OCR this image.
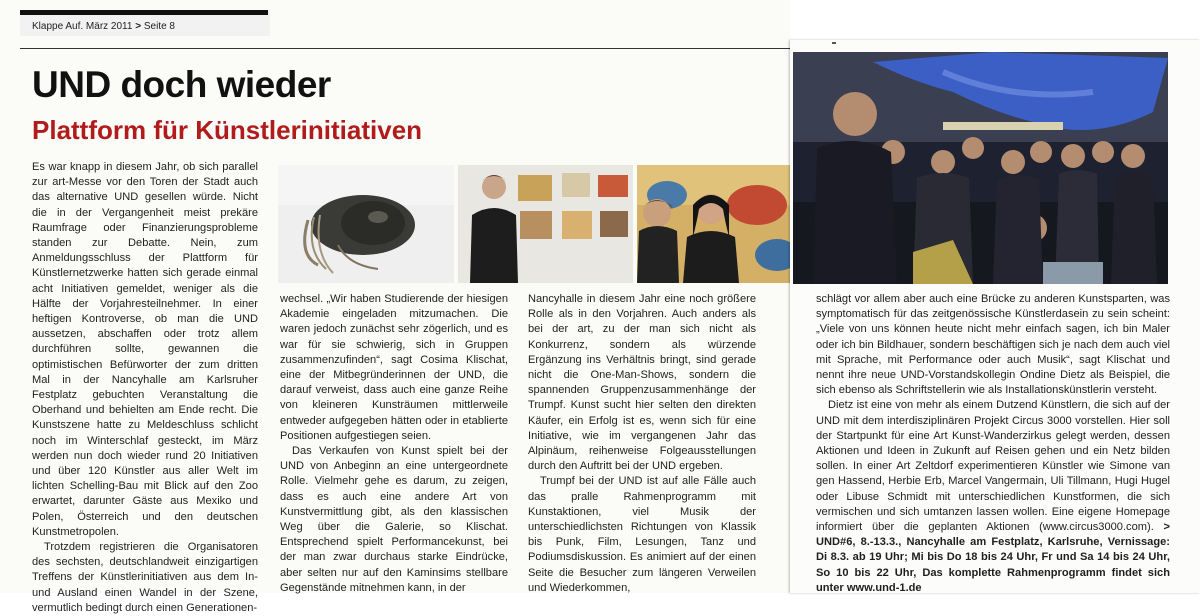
Klappe Auf. März 2011 > Seite 8
UND doch wieder
Plattform für Künstlerinitiativen

Es war knapp in diesem Jahr, ob sich parallel zur art-Messe vor den Toren der Stadt auch das alternative UND gesellen würde. Nicht die in der Vergangenheit meist prekäre Raumfrage oder Finanzierungsprobleme standen zur Debatte. Nein, zum Anmeldungsschluss der Plattform für Künstlernetzwerke hatten sich gerade einmal acht Initiativen gemeldet, weniger als die Hälfte der Vorjahresteilnehmer. In einer heftigen Kontroverse, ob man die UND aussetzen, abschaffen oder trotz allem durchführen sollte, gewannen die optimistischen Befürworter der zum dritten Mal in der Nancyhalle am Karlsruher Festplatz gebuchten Veranstaltung die Oberhand und behielten am Ende recht. Die Kunstszene hatte zu Meldeschluss schlicht noch im Winterschlaf gesteckt, im März werden nun doch wieder rund 20 Initiativen und über 120 Künstler aus aller Welt im lichten Schelling-Bau mit Blick auf den Zoo erwartet, darunter Gäste aus Mexiko und Polen, Österreich und den deutschen Kunstmetropolen.

Trotzdem registrieren die Organisatoren des sechsten, deutschlandweit einzigartigen Treffens der Künstlerinitiativen aus dem In- und Ausland einen Wandel in der Szene, vermutlich bedingt durch einen Generationen-

wechsel. „Wir haben Studierende der hiesigen Akademie eingeladen mitzumachen. Die waren jedoch zunächst sehr zögerlich, und es war für sie schwierig, sich in Gruppen zusammenzufinden“, sagt Cosima Klischat, eine der Mitbegründerinnen der UND, die darauf verweist, dass auch eine ganze Reihe von kleineren Kunsträumen mittlerweile entweder aufgegeben hätten oder in etablierte Positionen aufgestiegen seien.

Das Verkaufen von Kunst spielt bei der UND von Anbeginn an eine untergeordnete Rolle. Vielmehr gehe es darum, zu zeigen, dass es auch eine andere Art von Kunstvermittlung gibt, als den klassischen Weg über die Galerie, so Klischat. Entsprechend spielt Performancekunst, bei der man zwar durchaus starke Eindrücke, aber selten nur auf den Kaminsims stellbare Gegenstände mitnehmen kann, in der

Nancyhalle in diesem Jahr eine noch größere Rolle als in den Vorjahren. Auch anders als bei der art, zu der man sich nicht als Konkurrenz, sondern als würzende Ergänzung ins Verhältnis bringt, sind gerade nicht die One-Man-Shows, sondern die spannenden Gruppenzusammenhänge der Trumpf. Kunst sucht hier selten den direkten Käufer, ein Erfolg ist es, wenn sich für eine Initiative, wie im vergangenen Jahr das Alpinäum, reihenweise Folgeausstellungen durch den Auftritt bei der UND ergeben.

Trumpf bei der UND ist auf alle Fälle auch das pralle Rahmenprogramm mit Kunstaktionen, viel Musik der unterschiedlichsten Richtungen von Klassik bis Punk, Film, Lesungen, Tanz und Podiumsdiskussion. Es animiert auf der einen Seite die Besucher zum längeren Verweilen und Wiederkommen,

schlägt vor allem aber auch eine Brücke zu anderen Kunstsparten, was symptomatisch für das zeitgenössische Künstlerdasein zu sein scheint: „Viele von uns können heute nicht mehr einfach sagen, ich bin Maler oder ich bin Bildhauer, sondern beschäftigen sich je nach dem auch viel mit Sprache, mit Performance oder auch Musik“, sagt Klischat und nennt ihre neue UND-Vorstandskollegin Ondine Dietz als Beispiel, die sich ebenso als Schriftstellerin wie als Installationskünstlerin versteht.

Dietz ist eine von mehr als einem Dutzend Künstlern, die sich auf der UND mit dem interdisziplinären Projekt Circus 3000 vorstellen. Hier soll der Startpunkt für eine Art Kunst-Wanderzirkus gelegt werden, dessen Aktionen und Ideen in Zukunft auf Reisen gehen und ein Netz bilden sollen. In einer Art Zeltdorf experimentieren Künstler wie Simone van gen Hassend, Herbie Erb, Marcel Vangermain, Uli Tillmann, Hugi Hugel oder Libuse Schmidt mit unterschiedlichen Kunstformen, die sich vermischen und sich umtanzen lassen wollen. Eine eigene Homepage informiert über die geplanten Aktionen (www.circus3000.com). > UND#6, 8.-13.3., Nancyhalle am Festplatz, Karlsruhe, Vernissage: Di 8.3. ab 19 Uhr; Mi bis Do 18 bis 24 Uhr, Fr und Sa 14 bis 24 Uhr, So 10 bis 22 Uhr, Das komplette Rahmenprogramm findet sich unter www.und-1.de
